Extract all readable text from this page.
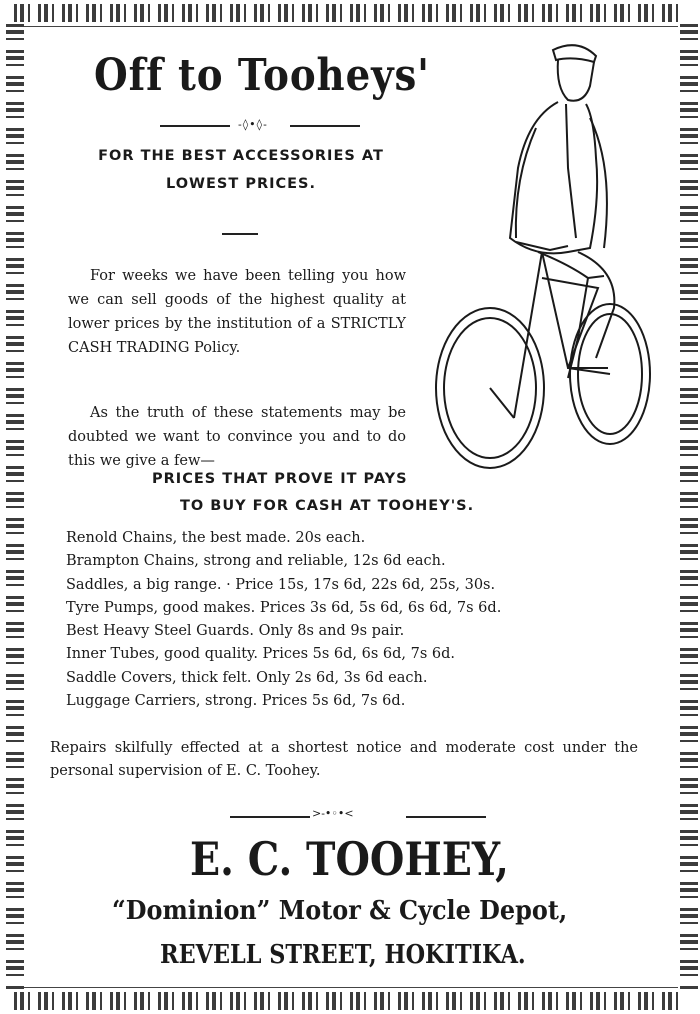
Off to Tooheys'
-◊•◊-
FOR THE BEST ACCESSORIES AT
LOWEST PRICES.

For weeks we have been telling you how we can sell goods of the highest quality at lower prices by the institution of a STRICTLY CASH TRADING Policy.

As the truth of these statements may be doubted we want to convince you and to do this we give a few—

PRICES THAT PROVE IT PAYS
TO BUY FOR CASH AT TOOHEY'S.
Renold Chains, the best made. 20s each.
Brampton Chains, strong and reliable, 12s 6d each.
Saddles, a big range. · Price 15s, 17s 6d, 22s 6d, 25s, 30s.
Tyre Pumps, good makes. Prices 3s 6d, 5s 6d, 6s 6d, 7s 6d.
Best Heavy Steel Guards. Only 8s and 9s pair.
Inner Tubes, good quality. Prices 5s 6d, 6s 6d, 7s 6d.
Saddle Covers, thick felt. Only 2s 6d, 3s 6d each.
Luggage Carriers, strong. Prices 5s 6d, 7s 6d.

Repairs skilfully effected at a shortest notice and moderate cost under the personal supervision of E. C. Toohey.

>-•◦•<
E. C. TOOHEY,
“Dominion” Motor & Cycle Depot,
REVELL STREET, HOKITIKA.
